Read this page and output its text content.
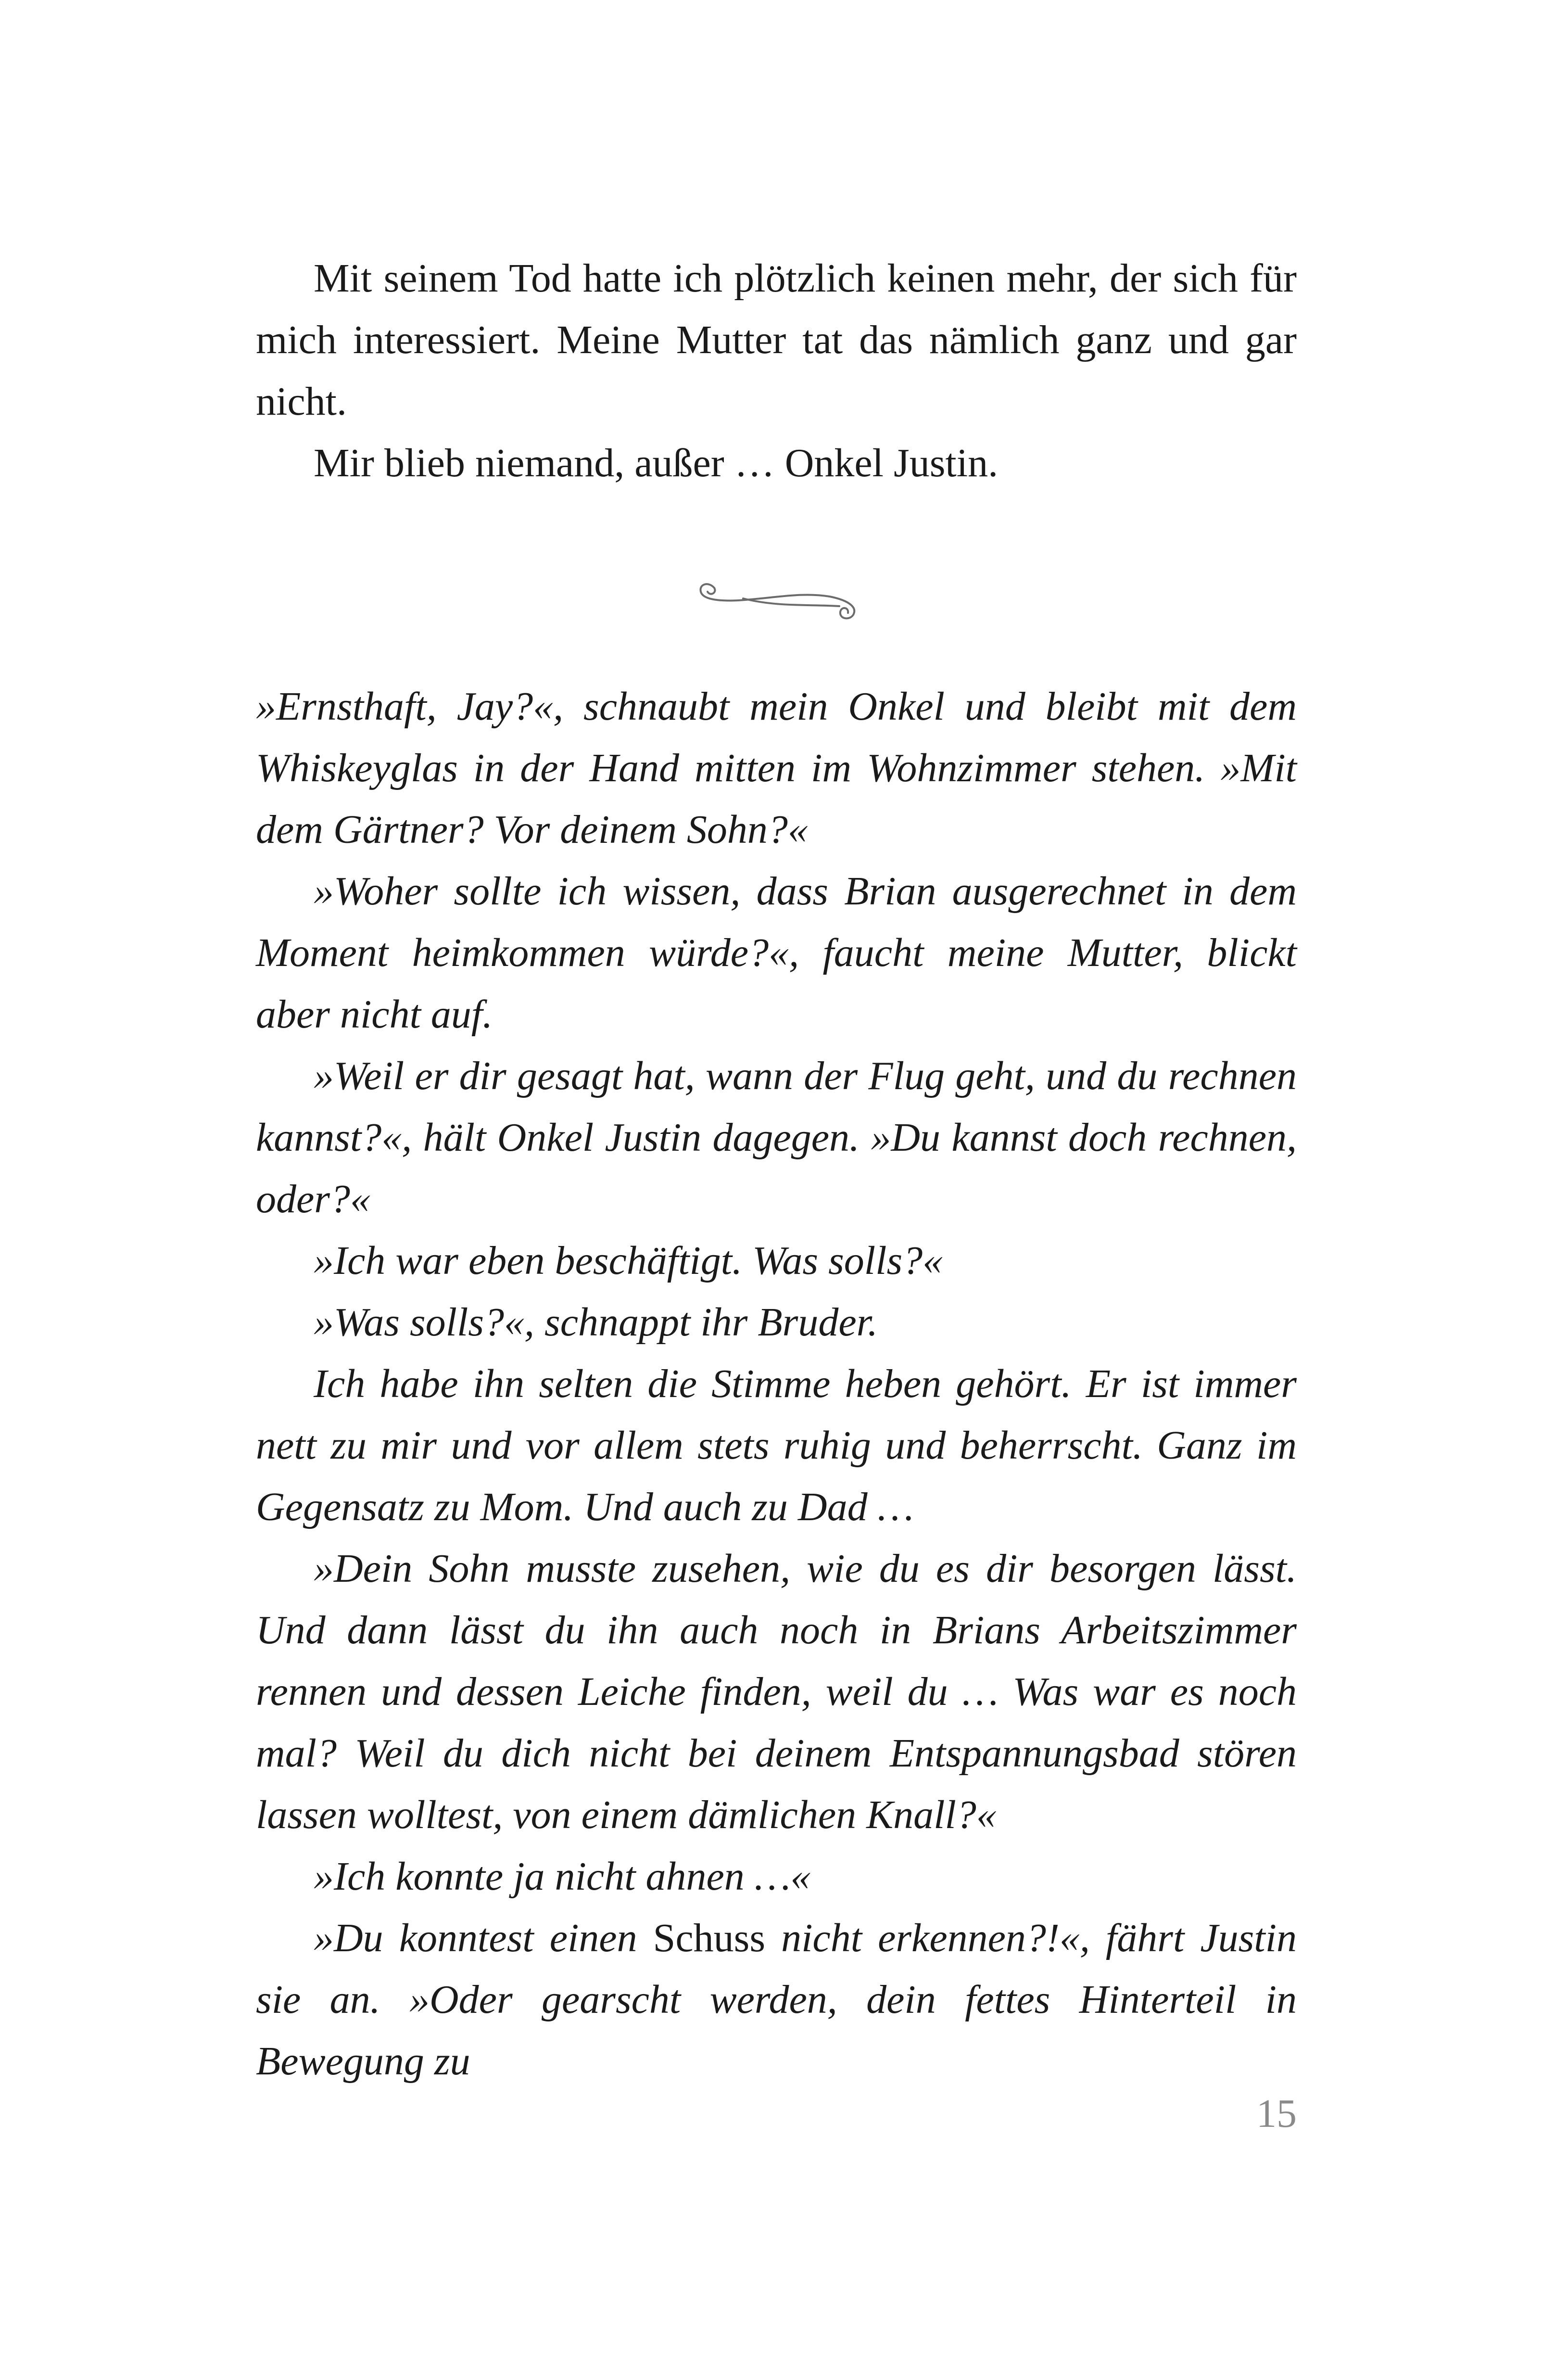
Mit seinem Tod hatte ich plötzlich keinen mehr, der sich für mich interessiert. Meine Mutter tat das nämlich ganz und gar nicht.

Mir blieb niemand, außer … Onkel Justin.

»Ernsthaft, Jay?«, schnaubt mein Onkel und bleibt mit dem Whiskeyglas in der Hand mitten im Wohnzimmer stehen. »Mit dem Gärtner? Vor deinem Sohn?«

»Woher sollte ich wissen, dass Brian ausgerechnet in dem Moment heimkommen würde?«, faucht meine Mutter, blickt aber nicht auf.

»Weil er dir gesagt hat, wann der Flug geht, und du rechnen kannst?«, hält Onkel Justin dagegen. »Du kannst doch rechnen, oder?«

»Ich war eben beschäftigt. Was solls?«

»Was solls?«, schnappt ihr Bruder.

Ich habe ihn selten die Stimme heben gehört. Er ist immer nett zu mir und vor allem stets ruhig und beherrscht. Ganz im Gegensatz zu Mom. Und auch zu Dad …

»Dein Sohn musste zusehen, wie du es dir besorgen lässt. Und dann lässt du ihn auch noch in Brians Arbeitszimmer rennen und dessen Leiche finden, weil du … Was war es noch mal? Weil du dich nicht bei deinem Entspannungsbad stören lassen wolltest, von einem dämlichen Knall?«

»Ich konnte ja nicht ahnen …«

»Du konntest einen Schuss nicht erkennen?!«, fährt Justin sie an. »Oder gearscht werden, dein fettes Hinterteil in Bewegung zu

15
